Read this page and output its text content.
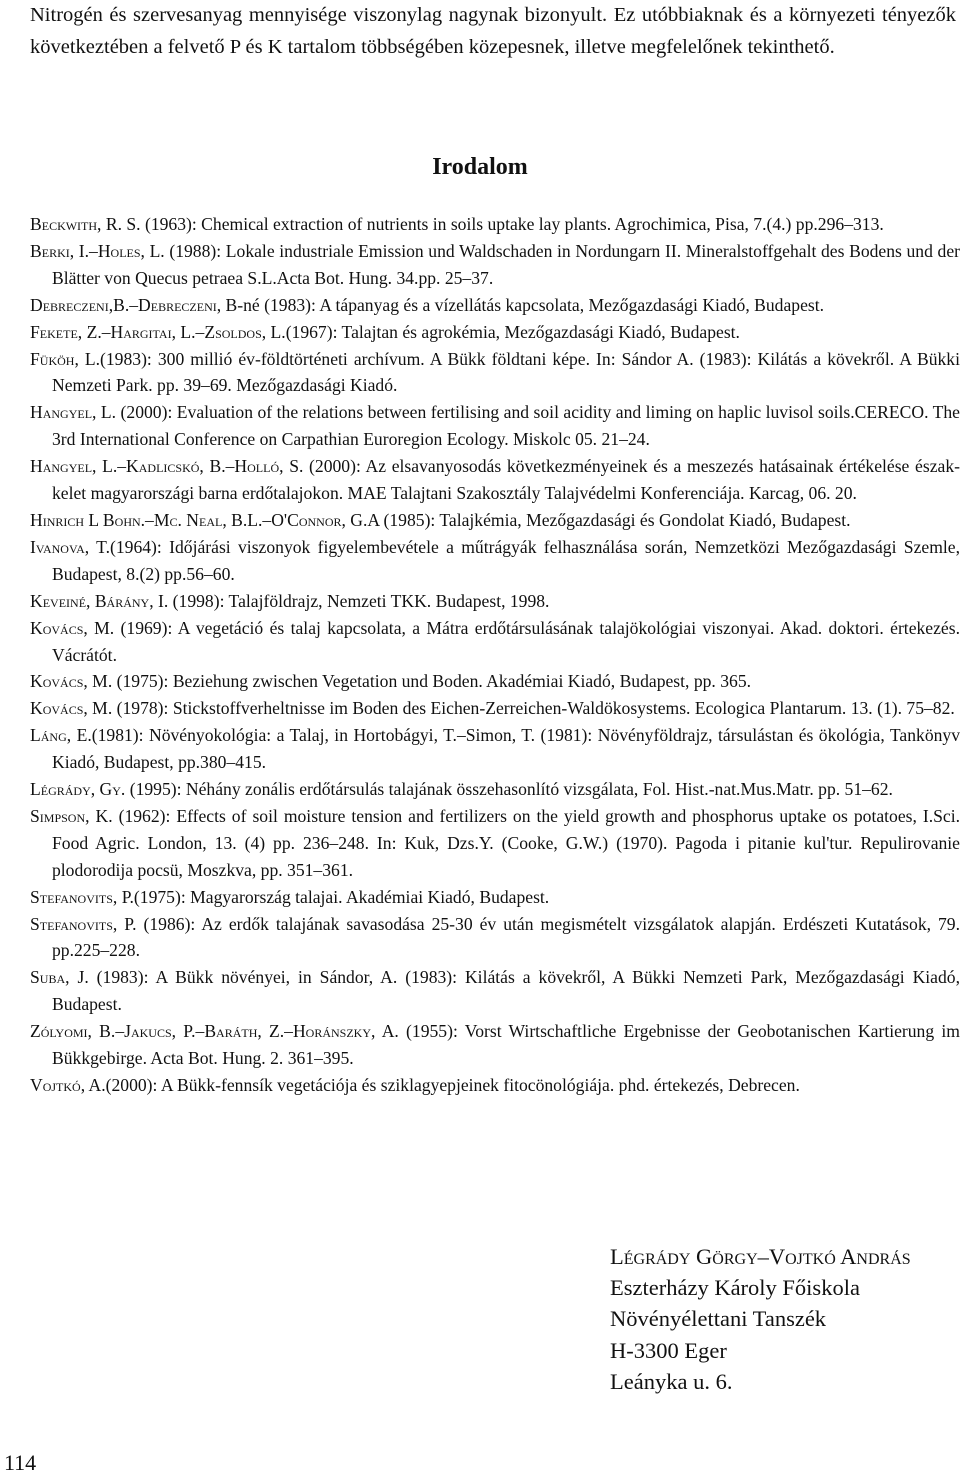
Nitrogén és szervesanyag mennyisége viszonylag nagynak bizonyult. Ez utóbbiaknak és a környezeti tényezők következtében a felvető P és K tartalom többségében közepesnek, illetve megfelelőnek tekinthető.

Irodalom
Beckwith, R. S. (1963): Chemical extraction of nutrients in soils uptake lay plants. Agrochimica, Pisa, 7.(4.) pp.296–313.
Berki, I.–Holes, L. (1988): Lokale industriale Emission und Waldschaden in Nordungarn II. Mineralstoffgehalt des Bodens und der Blätter von Quecus petraea S.L.Acta Bot. Hung. 34.pp. 25–37.
Debreczeni,B.–Debreczeni, B-né (1983): A tápanyag és a vízellátás kapcsolata, Mezőgazdasági Kiadó, Budapest.
Fekete, Z.–Hargitai, L.–Zsoldos, L.(1967): Talajtan és agrokémia, Mezőgazdasági Kiadó, Budapest.
Füköh, L.(1983): 300 millió év-földtörténeti archívum. A Bükk földtani képe. In: Sándor A. (1983): Kilátás a kövekről. A Bükki Nemzeti Park. pp. 39–69. Mezőgazdasági Kiadó.
Hangyel, L. (2000): Evaluation of the relations between fertilising and soil acidity and liming on haplic luvisol soils.CERECO. The 3rd International Conference on Carpathian Euroregion Ecology. Miskolc 05. 21–24.
Hangyel, L.–Kadlicskó, B.–Holló, S. (2000): Az elsavanyosodás következményeinek és a meszezés hatásainak értékelése észak-kelet magyarországi barna erdőtalajokon. MAE Talajtani Szakosztály Talajvédelmi Konferenciája. Karcag, 06. 20.
Hinrich L Bohn.–Mc. Neal, B.L.–O'Connor, G.A (1985): Talajkémia, Mezőgazdasági és Gondolat Kiadó, Budapest.
Ivanova, T.(1964): Időjárási viszonyok figyelembevétele a műtrágyák felhasználása során, Nemzetközi Mezőgazdasági Szemle, Budapest, 8.(2) pp.56–60.
Keveiné, Bárány, I. (1998): Talajföldrajz, Nemzeti TKK. Budapest, 1998.
Kovács, M. (1969): A vegetáció és talaj kapcsolata, a Mátra erdőtársulásának talajökológiai viszonyai. Akad. doktori. értekezés. Vácrátót.
Kovács, M. (1975): Beziehung zwischen Vegetation und Boden. Akadémiai Kiadó, Budapest, pp. 365.
Kovács, M. (1978): Stickstoffverheltnisse im Boden des Eichen-Zerreichen-Waldökosystems. Ecologica Plantarum. 13. (1). 75–82.
Láng, E.(1981): Növényokológia: a Talaj, in Hortobágyi, T.–Simon, T. (1981): Növényföldrajz, társulástan és ökológia, Tankönyv Kiadó, Budapest, pp.380–415.
Légrády, Gy. (1995): Néhány zonális erdőtársulás talajának összehasonlító vizsgálata, Fol. Hist.-nat.Mus.Matr. pp. 51–62.
Simpson, K. (1962): Effects of soil moisture tension and fertilizers on the yield growth and phosphorus uptake os potatoes, I.Sci. Food Agric. London, 13. (4) pp. 236–248. In: Kuk, Dzs.Y. (Cooke, G.W.) (1970). Pagoda i pitanie kul'tur. Repulirovanie plodorodija pocsü, Moszkva, pp. 351–361.
Stefanovits, P.(1975): Magyarország talajai. Akadémiai Kiadó, Budapest.
Stefanovits, P. (1986): Az erdők talajának savasodása 25-30 év után megismételt vizsgálatok alapján. Erdészeti Kutatások, 79. pp.225–228.
Suba, J. (1983): A Bükk növényei, in Sándor, A. (1983): Kilátás a kövekről, A Bükki Nemzeti Park, Mezőgazdasági Kiadó, Budapest.
Zólyomi, B.–Jakucs, P.–Baráth, Z.–Horánszky, A. (1955): Vorst Wirtschaftliche Ergebnisse der Geobotanischen Kartierung im Bükkgebirge. Acta Bot. Hung. 2. 361–395.
Vojtkó, A.(2000): A Bükk-fennsík vegetációja és sziklagyepjeinek fitocönológiája. phd. értekezés, Debrecen.
Légrády Görgy–Vojtkó András
Eszterházy Károly Főiskola
Növényélettani Tanszék
H-3300 Eger
Leányka u. 6.
114
